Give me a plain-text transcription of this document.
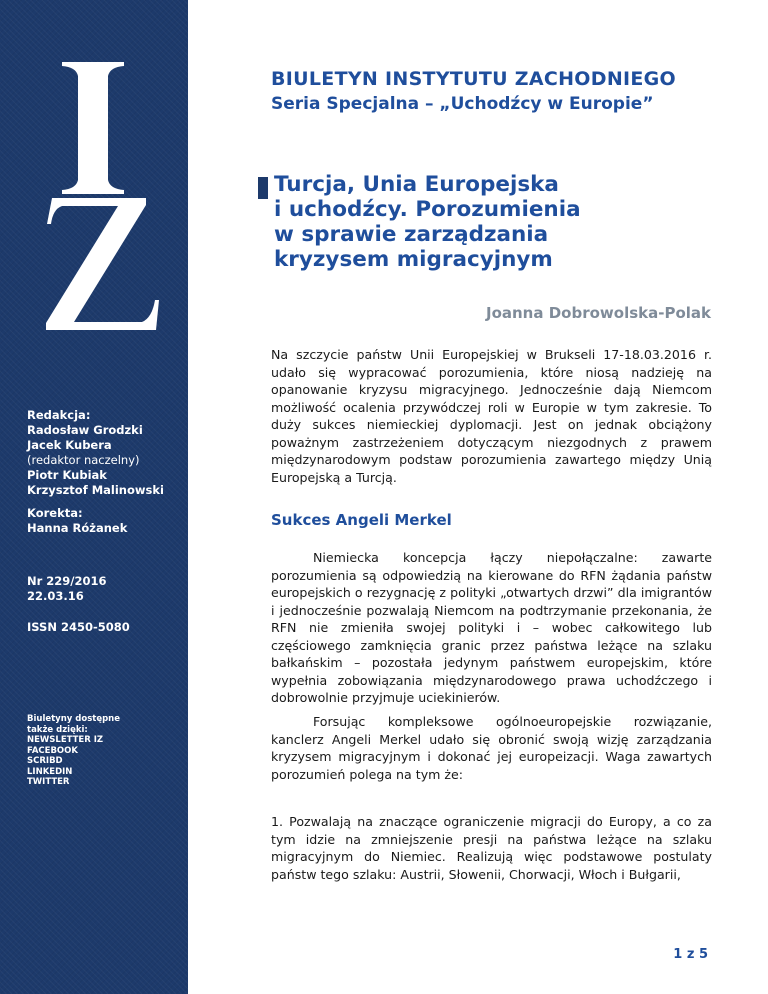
Redakcja:
Radosław Grodzki
Jacek Kubera
(redaktor naczelny)
Piotr Kubiak
Krzysztof Malinowski

Korekta:
Hanna Różanek

Nr 229/2016
22.03.16

ISSN 2450-5080

Biuletyny dostępne także dzięki:
NEWSLETTER IZ
FACEBOOK
SCRIBD
LINKEDIN
TWITTER

BIULETYN INSTYTUTU ZACHODNIEGO
Seria Specjalna – „Uchodźcy w Europie”
Turcja, Unia Europejska
i uchodźcy. Porozumienia
w sprawie zarządzania
kryzysem migracyjnym

Joanna Dobrowolska-Polak

Na szczycie państw Unii Europejskiej w Brukseli 17-18.03.2016 r. udało się wypracować porozumienia, które niosą nadzieję na opanowanie kryzysu migracyjnego. Jednocześnie dają Niemcom możliwość ocalenia przywódczej roli w Europie w tym zakresie. To duży sukces niemieckiej dyplomacji. Jest on jednak obciążony poważnym zastrzeżeniem dotyczącym niezgodnych z prawem międzynarodowym podstaw porozumienia zawartego między Unią Europejską a Turcją.

Sukces Angeli Merkel

Niemiecka koncepcja łączy niepołączalne: zawarte porozumienia są odpowiedzią na kierowane do RFN żądania państw europejskich o rezygnację z polityki „otwartych drzwi” dla imigrantów i jednocześnie pozwalają Niemcom na podtrzymanie przekonania, że RFN nie zmieniła swojej polityki i – wobec całkowitego lub częściowego zamknięcia granic przez państwa leżące na szlaku bałkańskim – pozostała jedynym państwem europejskim, które wypełnia zobowiązania międzynarodowego prawa uchodźczego i dobrowolnie przyjmuje uciekinierów.

Forsując kompleksowe ogólnoeuropejskie rozwiązanie, kanclerz Angeli Merkel udało się obronić swoją wizję zarządzania kryzysem migracyjnym i dokonać jej europeizacji. Waga zawartych porozumień polega na tym że:

1. Pozwalają na znaczące ograniczenie migracji do Europy, a co za tym idzie na zmniejszenie presji na państwa leżące na szlaku migracyjnym do Niemiec. Realizują więc podstawowe postulaty państw tego szlaku: Austrii, Słowenii, Chorwacji, Włoch i Bułgarii,

1 z 5
